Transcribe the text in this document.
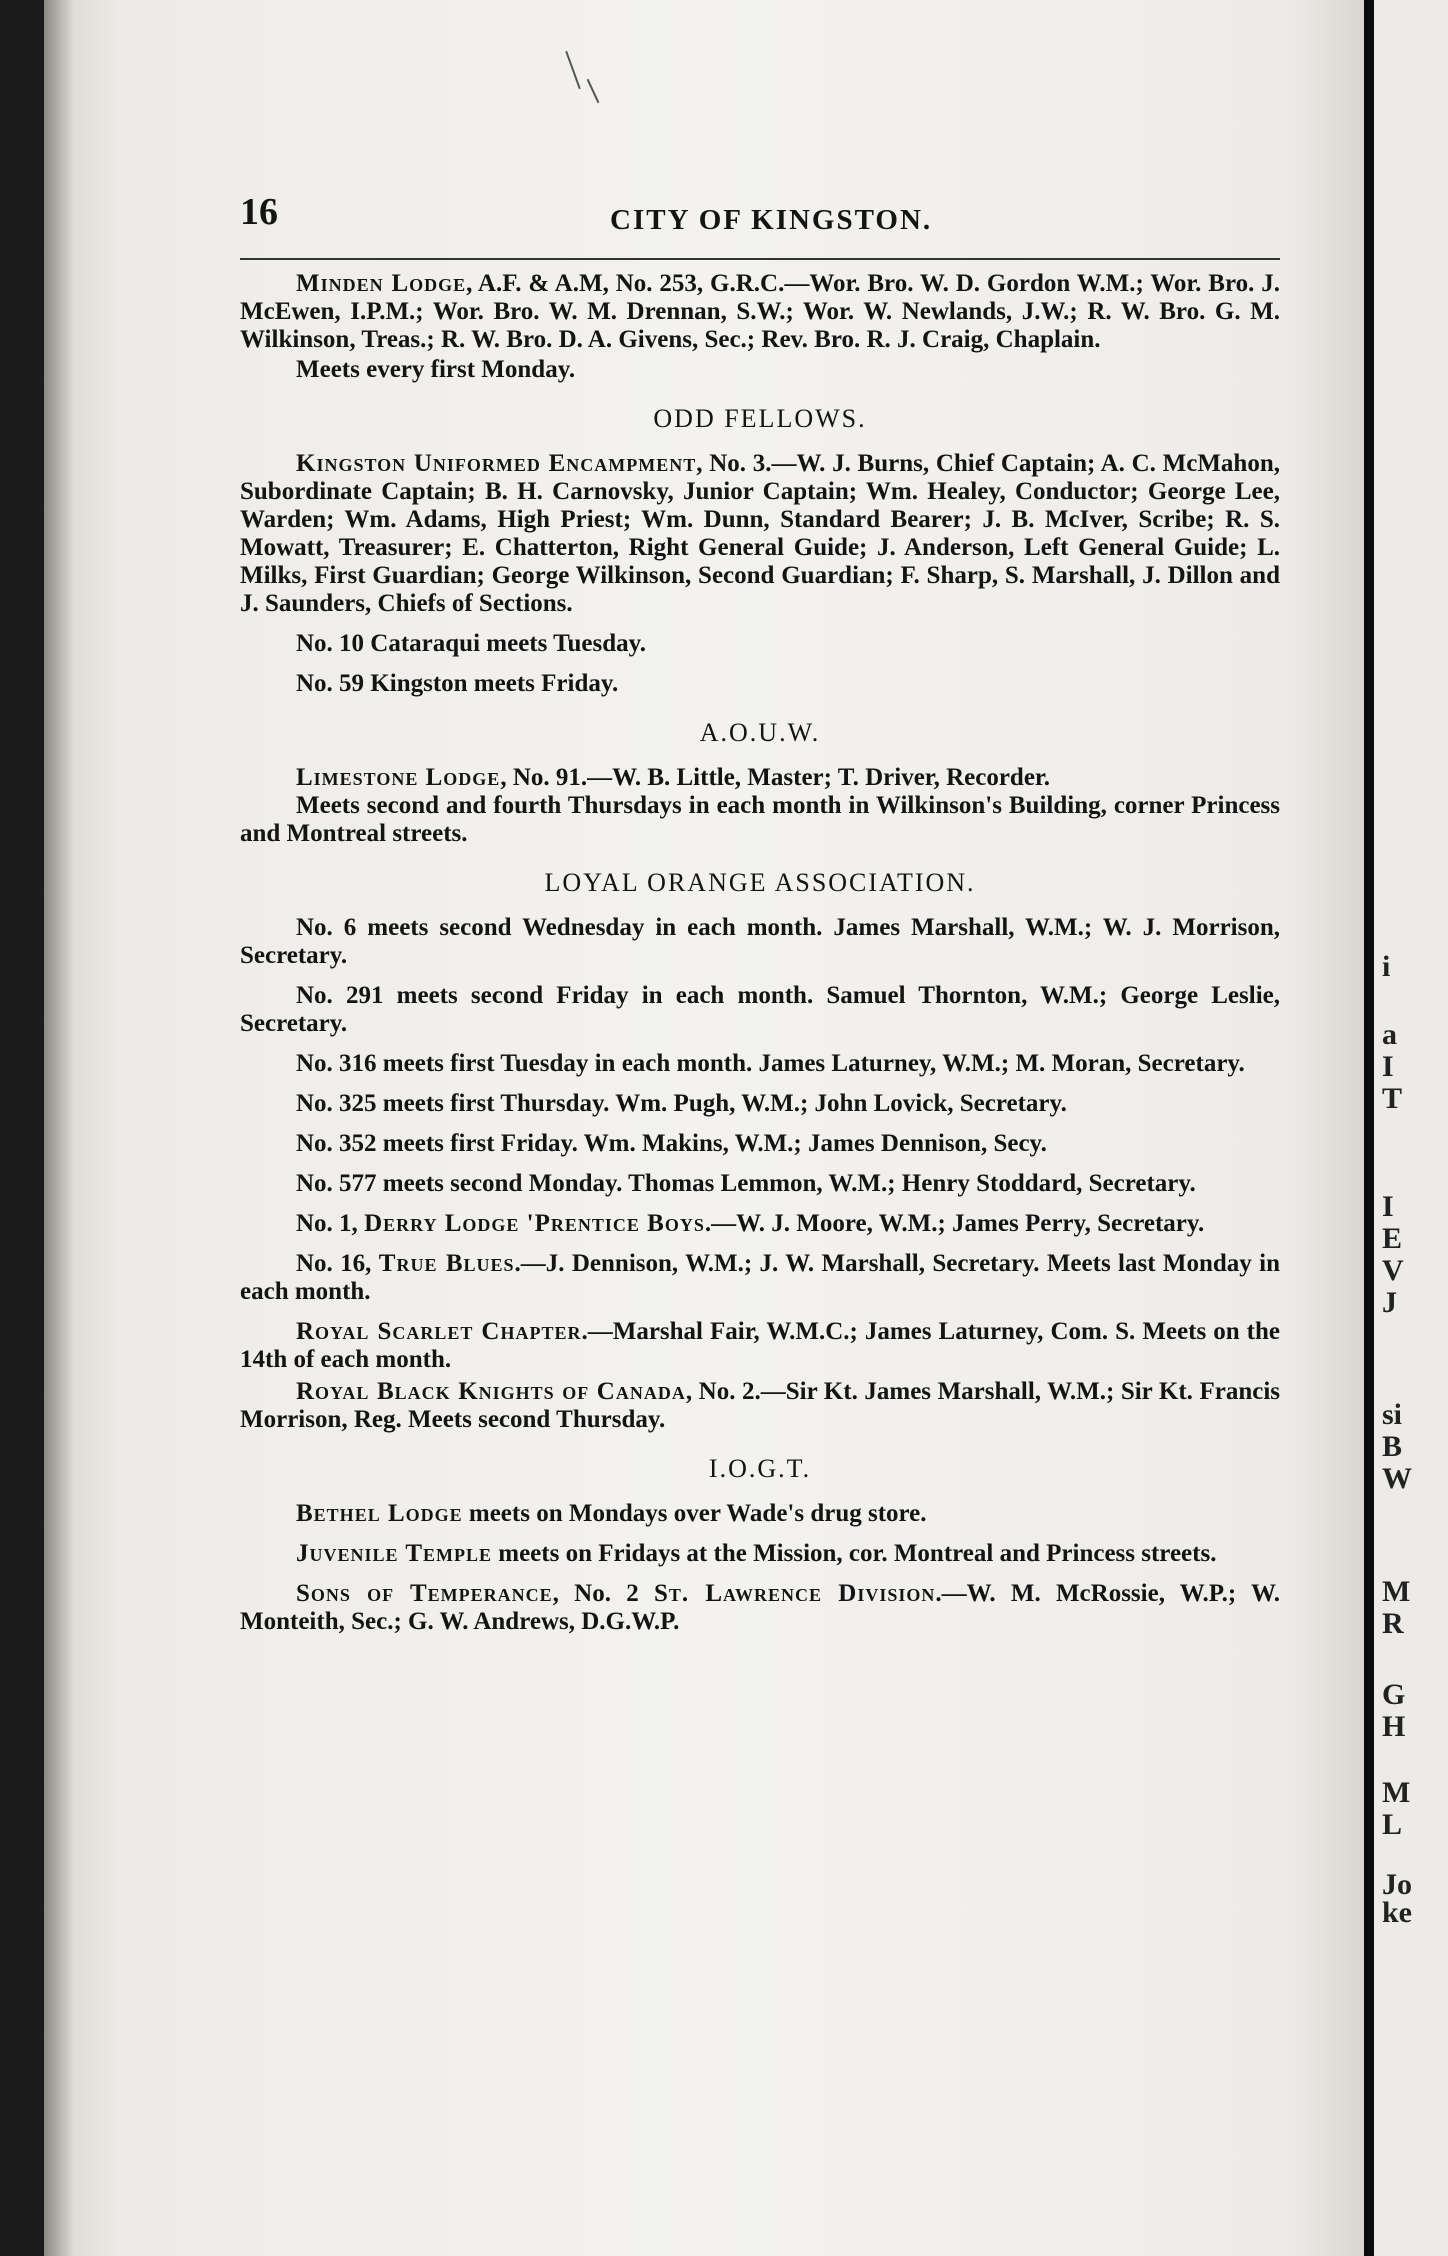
i
a
I
T
I
E
V
J
si
B
W
M
R
G
H
M
L
Jo
ke
16	CITY OF KINGSTON.

Minden Lodge, A.F. & A.M, No. 253, G.R.C.—Wor. Bro. W. D. Gordon W.M.; Wor. Bro. J. McEwen, I.P.M.; Wor. Bro. W. M. Drennan, S.W.; Wor. W. Newlands, J.W.; R. W. Bro. G. M. Wilkinson, Treas.; R. W. Bro. D. A. Givens, Sec.; Rev. Bro. R. J. Craig, Chaplain.

Meets every first Monday.

ODD FELLOWS.

Kingston Uniformed Encampment, No. 3.—W. J. Burns, Chief Captain; A. C. McMahon, Subordinate Captain; B. H. Carnovsky, Junior Captain; Wm. Healey, Conductor; George Lee, Warden; Wm. Adams, High Priest; Wm. Dunn, Standard Bearer; J. B. McIver, Scribe; R. S. Mowatt, Treasurer; E. Chatterton, Right General Guide; J. Anderson, Left General Guide; L. Milks, First Guardian; George Wilkinson, Second Guardian; F. Sharp, S. Marshall, J. Dillon and J. Saunders, Chiefs of Sections.

No. 10 Cataraqui meets Tuesday.

No. 59 Kingston meets Friday.

A.O.U.W.

Limestone Lodge, No. 91.—W. B. Little, Master; T. Driver, Recorder.

Meets second and fourth Thursdays in each month in Wilkinson's Building, corner Princess and Montreal streets.

LOYAL ORANGE ASSOCIATION.

No. 6 meets second Wednesday in each month. James Marshall, W.M.; W. J. Morrison, Secretary.

No. 291 meets second Friday in each month. Samuel Thornton, W.M.; George Leslie, Secretary.

No. 316 meets first Tuesday in each month. James Laturney, W.M.; M. Moran, Secretary.

No. 325 meets first Thursday. Wm. Pugh, W.M.; John Lovick, Secretary.

No. 352 meets first Friday. Wm. Makins, W.M.; James Dennison, Secy.

No. 577 meets second Monday. Thomas Lemmon, W.M.; Henry Stoddard, Secretary.

No. 1, Derry Lodge 'Prentice Boys.—W. J. Moore, W.M.; James Perry, Secretary.

No. 16, True Blues.—J. Dennison, W.M.; J. W. Marshall, Secretary. Meets last Monday in each month.

Royal Scarlet Chapter.—Marshal Fair, W.M.C.; James Laturney, Com. S. Meets on the 14th of each month.

Royal Black Knights of Canada, No. 2.—Sir Kt. James Marshall, W.M.; Sir Kt. Francis Morrison, Reg. Meets second Thursday.

I.O.G.T.

Bethel Lodge meets on Mondays over Wade's drug store.

Juvenile Temple meets on Fridays at the Mission, cor. Montreal and Princess streets.

Sons of Temperance, No. 2 St. Lawrence Division.—W. M. McRossie, W.P.; W. Monteith, Sec.; G. W. Andrews, D.G.W.P.
